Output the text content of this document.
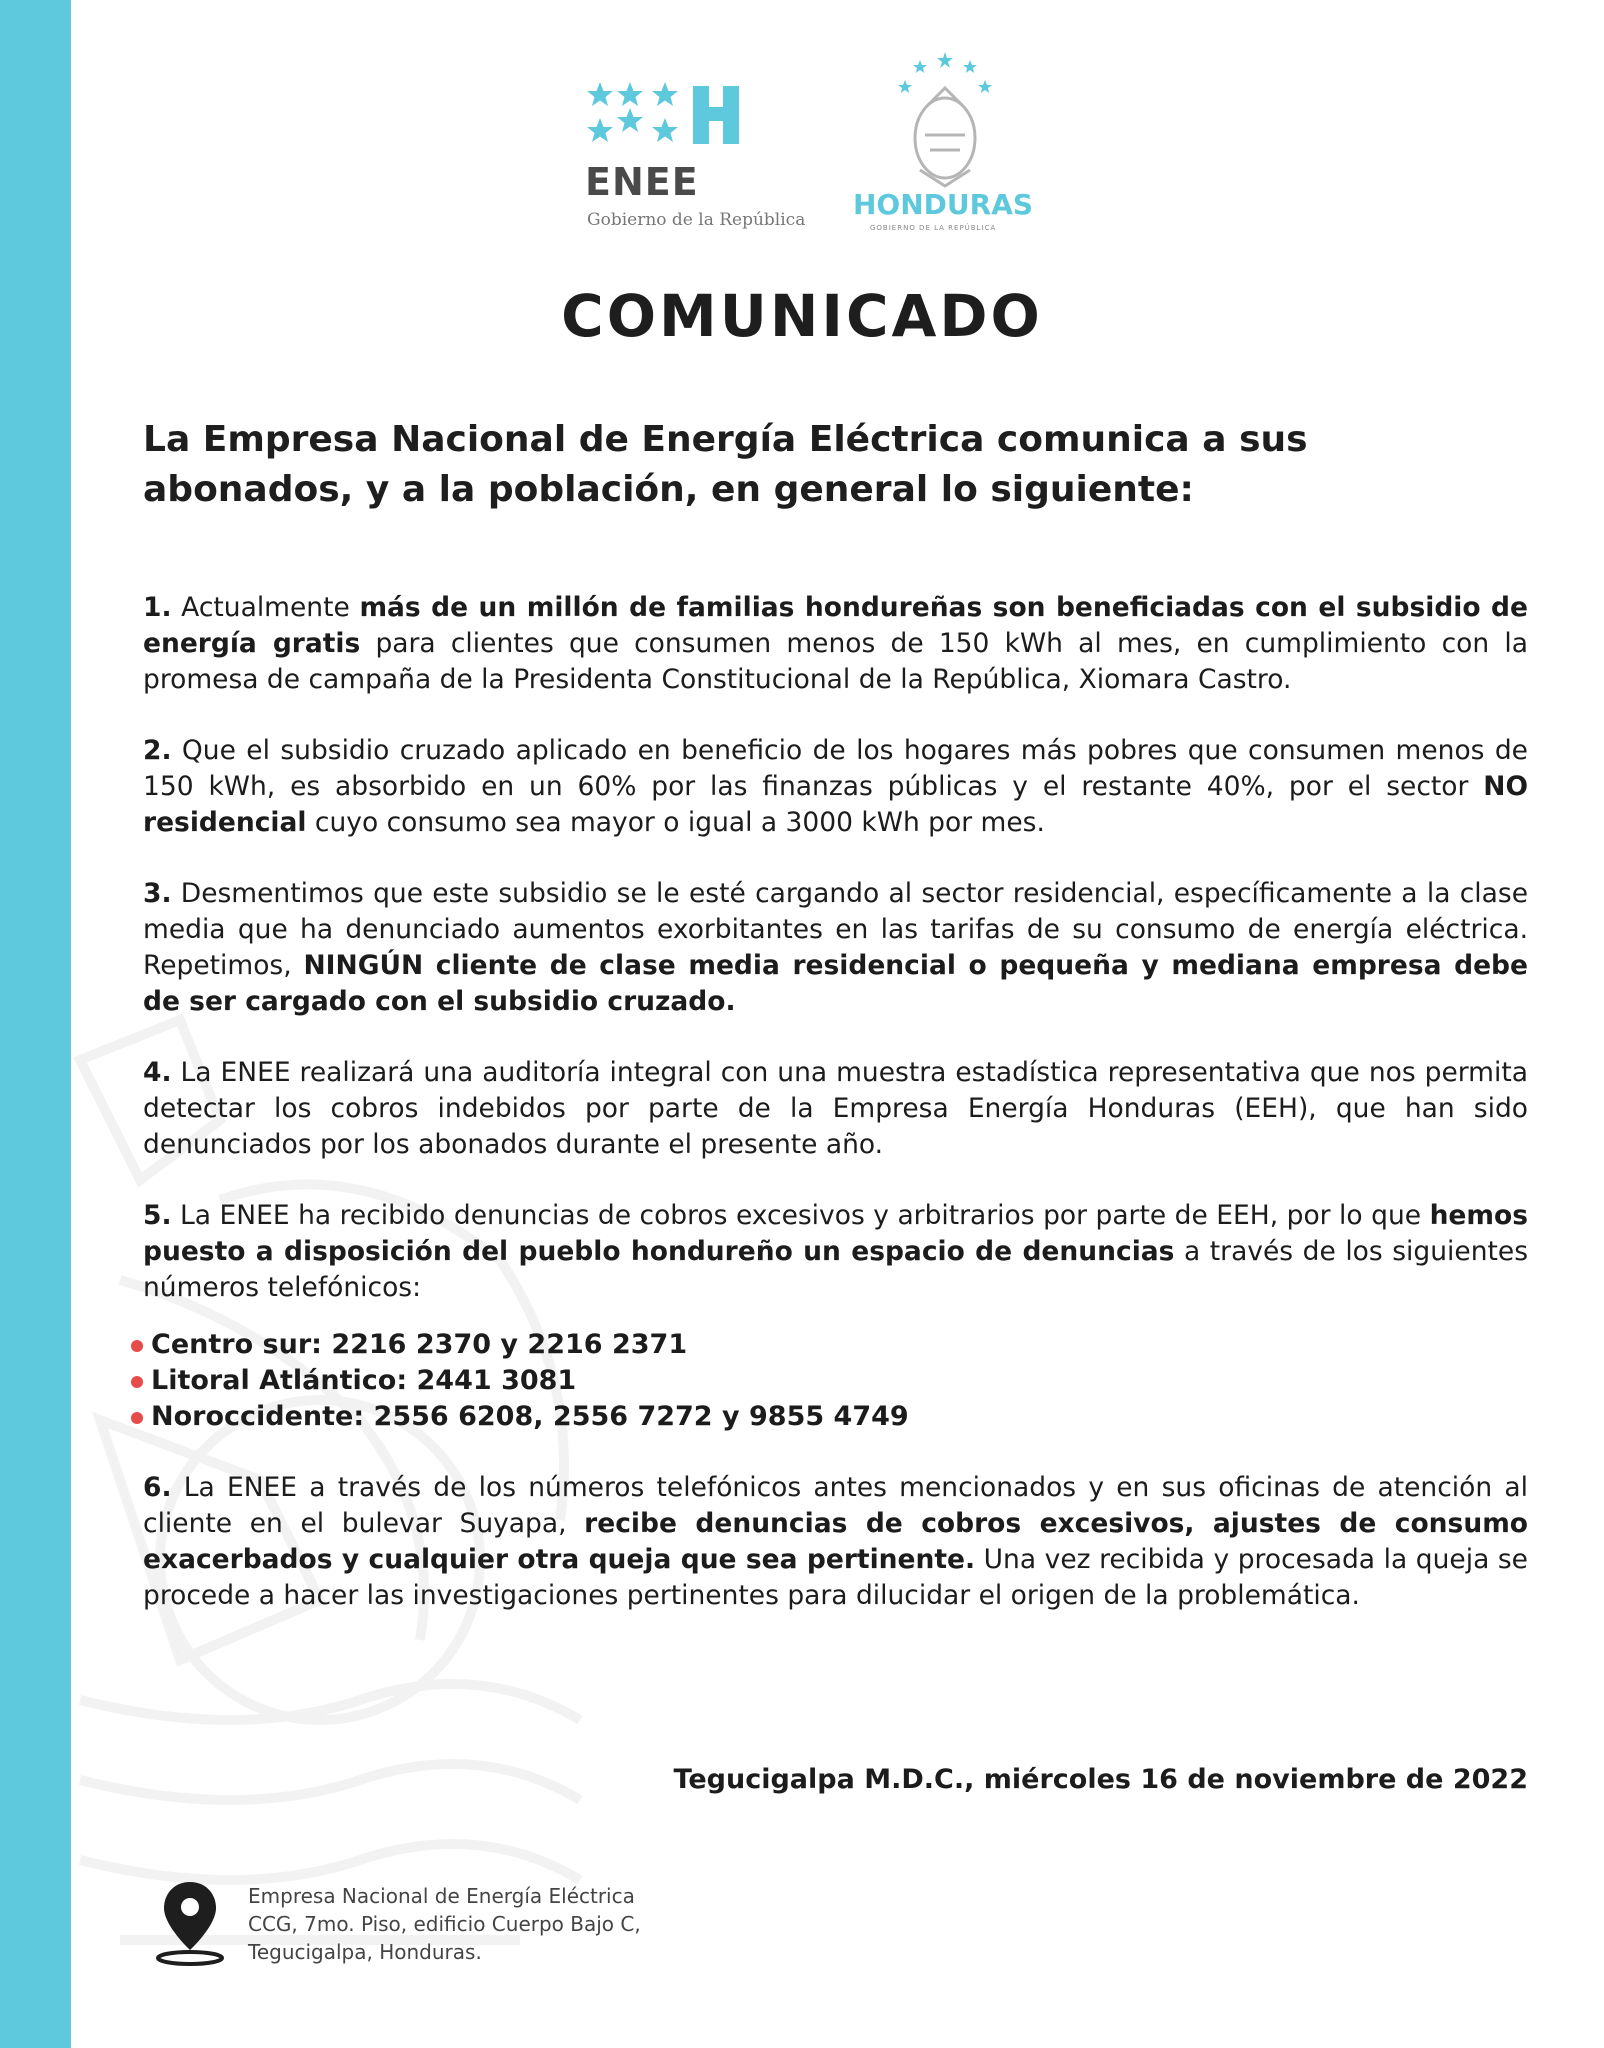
ENEE
Gobierno de la República HONDURAS
GOBIERNO DE LA REPÚBLICA
COMUNICADO
La Empresa Nacional de Energía Eléctrica comunica a sus abonados, y a la población, en general lo siguiente:

1. Actualmente más de un millón de familias hondureñas son beneficiadas con el subsidio de energía gratis para clientes que consumen menos de 150 kWh al mes, en cumplimiento con la promesa de campaña de la Presidenta Constitucional de la República, Xiomara Castro.

2. Que el subsidio cruzado aplicado en beneficio de los hogares más pobres que consumen menos de 150 kWh, es absorbido en un 60% por las finanzas públicas y el restante 40%, por el sector NO residencial cuyo consumo sea mayor o igual a 3000 kWh por mes.

3. Desmentimos que este subsidio se le esté cargando al sector residencial, específicamente a la clase media que ha denunciado aumentos exorbitantes en las tarifas de su consumo de energía eléctrica. Repetimos, NINGÚN cliente de clase media residencial o pequeña y mediana empresa debe de ser cargado con el subsidio cruzado.

4. La ENEE realizará una auditoría integral con una muestra estadística representativa que nos permita detectar los cobros indebidos por parte de la Empresa Energía Honduras (EEH), que han sido denunciados por los abonados durante el presente año.

5. La ENEE ha recibido denuncias de cobros excesivos y arbitrarios por parte de EEH, por lo que hemos puesto a disposición del pueblo hondureño un espacio de denuncias a través de los siguientes números telefónicos:

Centro sur: 2216 2370 y 2216 2371
Litoral Atlántico: 2441 3081
Noroccidente: 2556 6208, 2556 7272 y 9855 4749

6. La ENEE a través de los números telefónicos antes mencionados y en sus oficinas de atención al cliente en el bulevar Suyapa, recibe denuncias de cobros excesivos, ajustes de consumo exacerbados y cualquier otra queja que sea pertinente. Una vez recibida y procesada la queja se procede a hacer las investigaciones pertinentes para dilucidar el origen de la problemática.

Tegucigalpa M.D.C., miércoles 16 de noviembre de 2022
Empresa Nacional de Energía Eléctrica
CCG, 7mo. Piso, edificio Cuerpo Bajo C,
Tegucigalpa, Honduras.
